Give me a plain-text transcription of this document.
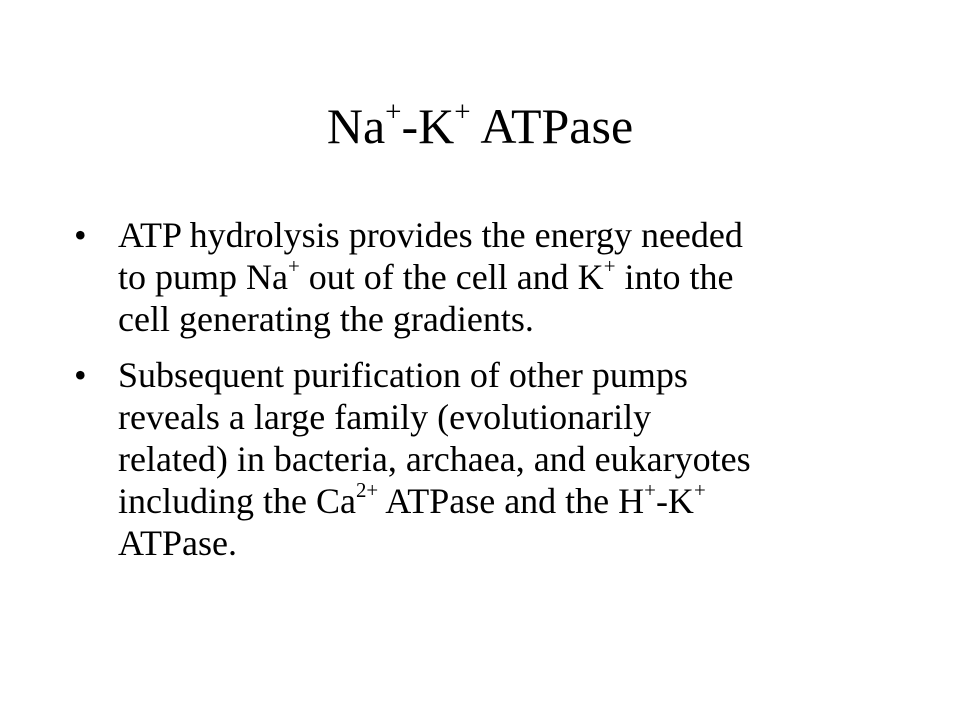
Na+-K+ ATPase
• ATP hydrolysis provides the energy needed
to pump Na+ out of the cell and K+ into the
cell generating the gradients.
• Subsequent purification of other pumps
reveals a large family (evolutionarily
related) in bacteria, archaea, and eukaryotes
including the $Ca^{2+}$ ATPase and the H+-K+
ATPase.
